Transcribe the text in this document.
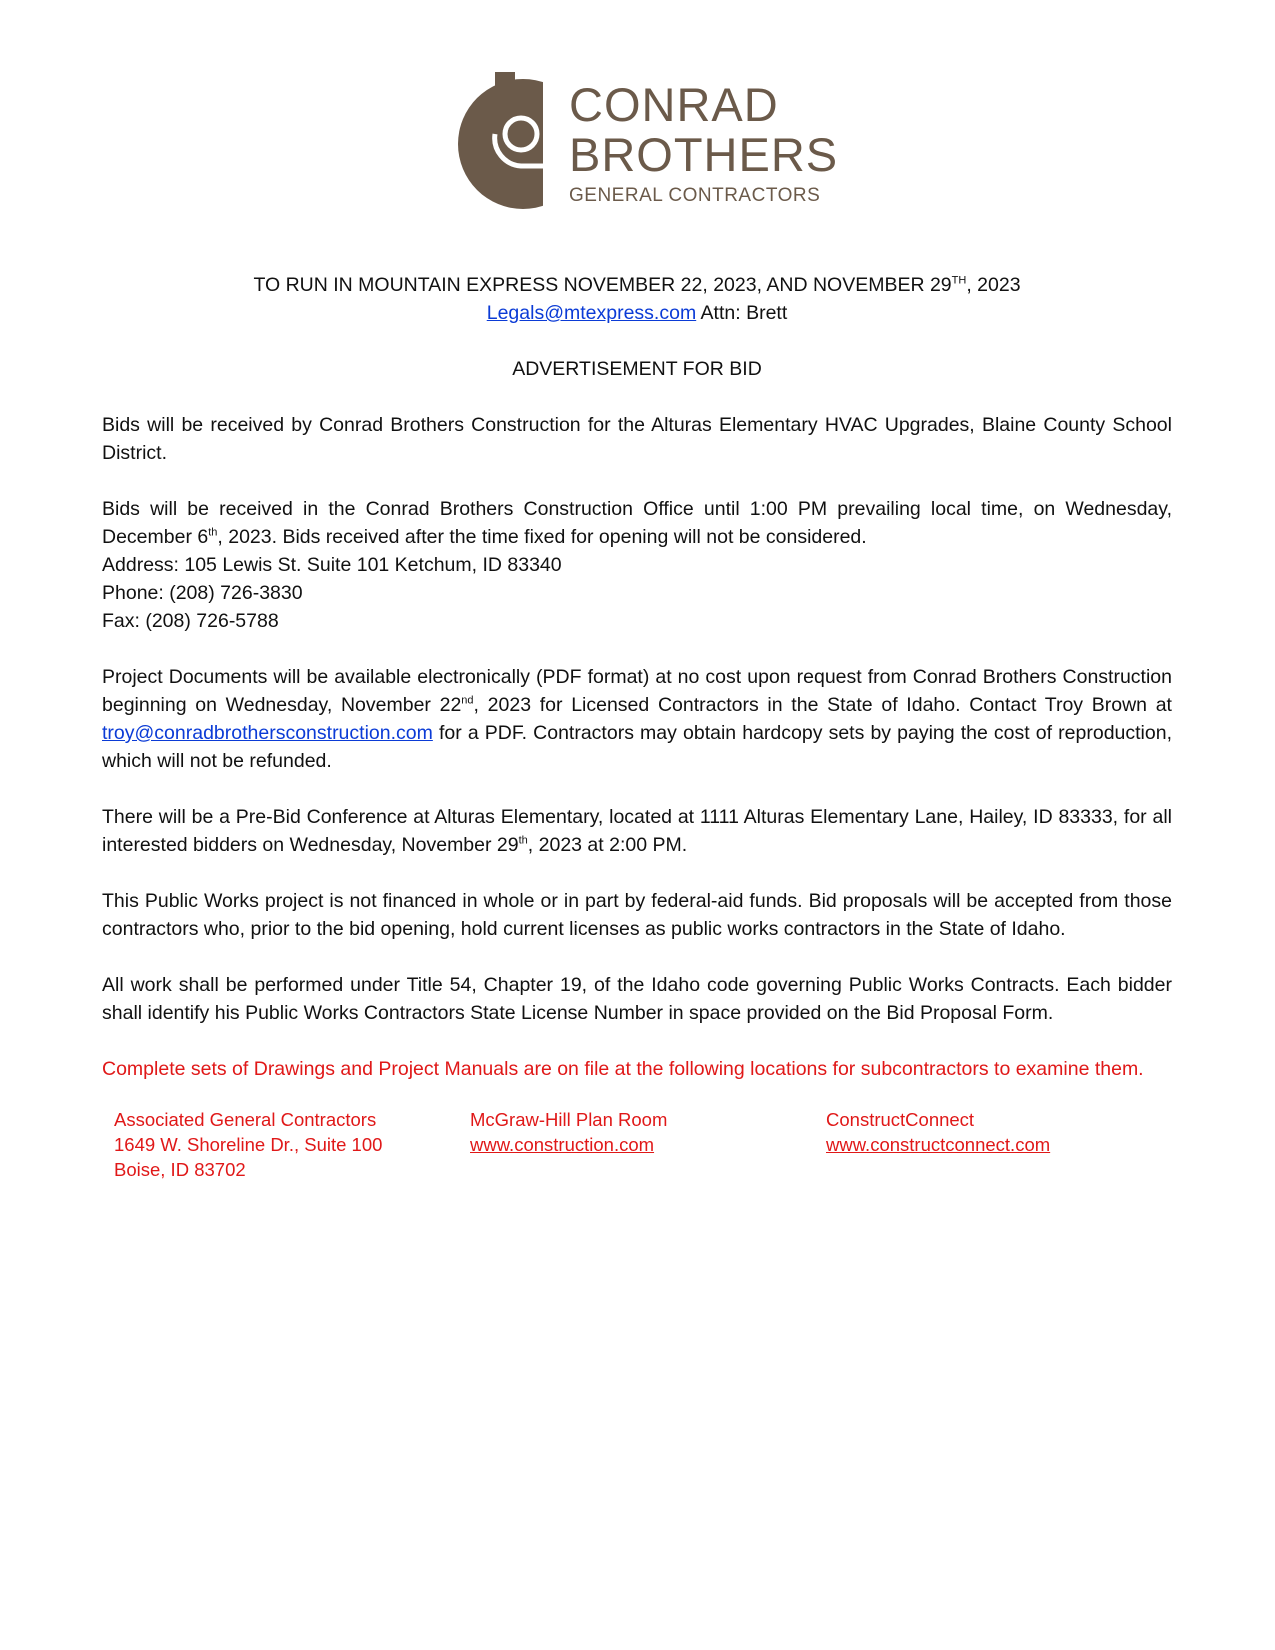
CONRAD
BROTHERS
GENERAL CONTRACTORS

TO RUN IN MOUNTAIN EXPRESS NOVEMBER 22, 2023, AND NOVEMBER 29TH, 2023

Legals@mtexpress.com Attn: Brett

ADVERTISEMENT FOR BID

Bids will be received by Conrad Brothers Construction for the Alturas Elementary HVAC Upgrades, Blaine County School District.

Bids will be received in the Conrad Brothers Construction Office until 1:00 PM prevailing local time, on Wednesday, December 6th, 2023. Bids received after the time fixed for opening will not be considered.

Address: 105 Lewis St. Suite 101 Ketchum, ID 83340

Phone: (208) 726-3830

Fax: (208) 726-5788

Project Documents will be available electronically (PDF format) at no cost upon request from Conrad Brothers Construction beginning on Wednesday, November 22nd, 2023 for Licensed Contractors in the State of Idaho. Contact Troy Brown at troy@conradbrothersconstruction.com for a PDF. Contractors may obtain hardcopy sets by paying the cost of reproduction, which will not be refunded.

There will be a Pre-Bid Conference at Alturas Elementary, located at 1111 Alturas Elementary Lane, Hailey, ID 83333, for all interested bidders on Wednesday, November 29th, 2023 at 2:00 PM.

This Public Works project is not financed in whole or in part by federal-aid funds. Bid proposals will be accepted from those contractors who, prior to the bid opening, hold current licenses as public works contractors in the State of Idaho.

All work shall be performed under Title 54, Chapter 19, of the Idaho code governing Public Works Contracts. Each bidder shall identify his Public Works Contractors State License Number in space provided on the Bid Proposal Form.

Complete sets of Drawings and Project Manuals are on file at the following locations for subcontractors to examine them.

Associated General Contractors
1649 W. Shoreline Dr., Suite 100
Boise, ID 83702
McGraw-Hill Plan Room
www.construction.com
ConstructConnect
www.constructconnect.com
